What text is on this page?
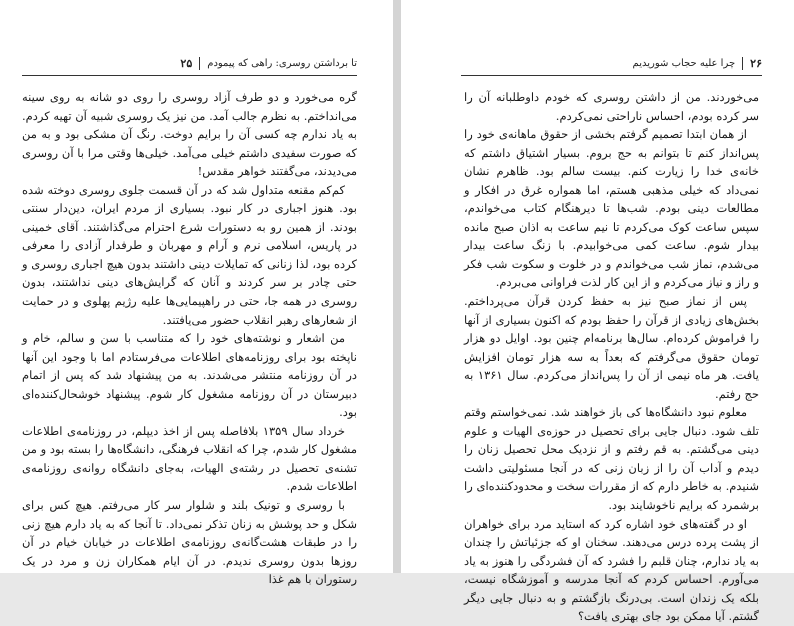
۲۶
چرا علیه حجاب شوریدیم

می‌خوردند. من از داشتن روسری که خودم داوطلبانه آن را سر کرده بودم، احساس ناراحتی نمی‌کردم.

از همان ابتدا تصمیم گرفتم بخشی از حقوق ماهانه‌ی خود را پس‌انداز کنم تا بتوانم به حج بروم. بسیار اشتیاق داشتم که خانه‌ی خدا را زیارت کنم. بیست سالم بود. ظاهرم نشان نمی‌داد که خیلی مذهبی هستم، اما همواره غرق در افکار و مطالعات دینی بودم. شب‌ها تا دیرهنگام کتاب می‌خواندم، سپس ساعت کوک می‌کردم تا نیم ساعت به اذان صبح مانده بیدار شوم. ساعت کمی می‌خوابیدم. با زنگ ساعت بیدار می‌شدم، نماز شب می‌خواندم و در خلوت و سکوت شب فکر و راز و نیاز می‌کردم و از این کار لذت فراوانی می‌بردم.

پس از نماز صبح نیز به حفظ کردن قرآن می‌پرداختم. بخش‌های زیادی از قرآن را حفظ بودم که اکنون بسیاری از آنها را فراموش کرده‌ام. سال‌ها برنامه‌ام چنین بود. اوایل دو هزار تومان حقوق می‌گرفتم که بعداً به سه هزار تومان افزایش یافت. هر ماه نیمی از آن را پس‌انداز می‌کردم. سال ۱۳۶۱ به حج رفتم.

معلوم نبود دانشگاه‌ها کی باز خواهند شد. نمی‌خواستم وقتم تلف شود. دنبال جایی برای تحصیل در حوزه‌ی الهیات و علوم دینی می‌گشتم. به قم رفتم و از نزدیک محل تحصیل زنان را دیدم و آداب آن را از زبان زنی که در آنجا مسئولیتی داشت شنیدم. به خاطر دارم که از مقررات سخت و محدودکننده‌ای را برشمرد که برایم ناخوشایند بود.

او در گفته‌های خود اشاره کرد که استاید مرد برای خواهران از پشت پرده درس می‌دهند. سخنان او که جزئیاتش را چندان به یاد ندارم، چنان قلبم را فشرد که آن فشردگی را هنوز به یاد می‌آورم. احساس کردم که آنجا مدرسه و آموزشگاه نیست، بلکه یک زندان است. بی‌درنگ بازگشتم و به دنبال جایی دیگر گشتم. آیا ممکن بود جای بهتری یافت؟

تا برداشتن روسری: راهی که پیمودم
۲۵

گره می‌خورد و دو طرف آزاد روسری را روی دو شانه به روی سینه می‌انداختم. به نظرم جالب آمد. من نیز یک روسری شبیه آن تهیه کردم. به یاد ندارم چه کسی آن را برایم دوخت. رنگ آن مشکی بود و به من که صورت سفیدی داشتم خیلی می‌آمد. خیلی‌ها وقتی مرا با آن روسری می‌دیدند، می‌گفتند خواهر مقدس!

کم‌کم مقنعه متداول شد که در آن قسمت جلوی روسری دوخته شده بود. هنوز اجباری در کار نبود. بسیاری از مردم ایران، دین‌دار سنتی بودند. از همین رو به دستورات شرع احترام می‌گذاشتند. آقای خمینی در پاریس، اسلامی نرم و آرام و مهربان و طرفدار آزادی را معرفی کرده بود، لذا زنانی که تمایلات دینی داشتند بدون هیچ اجباری روسری و حتی چادر بر سر کردند و آنان که گرایش‌های دینی نداشتند، بدون روسری در همه جا، حتی در راهپیمایی‌ها علیه رژیم پهلوی و در حمایت از شعارهای رهبر انقلاب حضور می‌یافتند.

من اشعار و نوشته‌های خود را که متناسب با سن و سالم، خام و ناپخته بود برای روزنامه‌های اطلاعات می‌فرستادم اما با وجود این آنها در آن روزنامه منتشر می‌شدند. به من پیشنهاد شد که پس از اتمام دبیرستان در آن روزنامه مشغول کار شوم. پیشنهاد خوشحال‌کننده‌ای بود.

خرداد سال ۱۳۵۹ بلافاصله پس از اخذ دیپلم، در روزنامه‌ی اطلاعات مشغول کار شدم، چرا که انقلاب فرهنگی، دانشگاه‌ها را بسته بود و من تشنه‌ی تحصیل در رشته‌ی الهیات، به‌جای دانشگاه روانه‌ی روزنامه‌ی اطلاعات شدم.

با روسری و تونیک بلند و شلوار سر کار می‌رفتم. هیچ کس برای شکل و حد پوشش به زنان تذکر نمی‌داد. تا آنجا که به یاد دارم هیچ زنی را در طبقات هشت‌گانه‌ی روزنامه‌ی اطلاعات در خیابان خیام در آن روزها بدون روسری ندیدم. در آن ایام همکاران زن و مرد در یک رستوران با هم غذا
